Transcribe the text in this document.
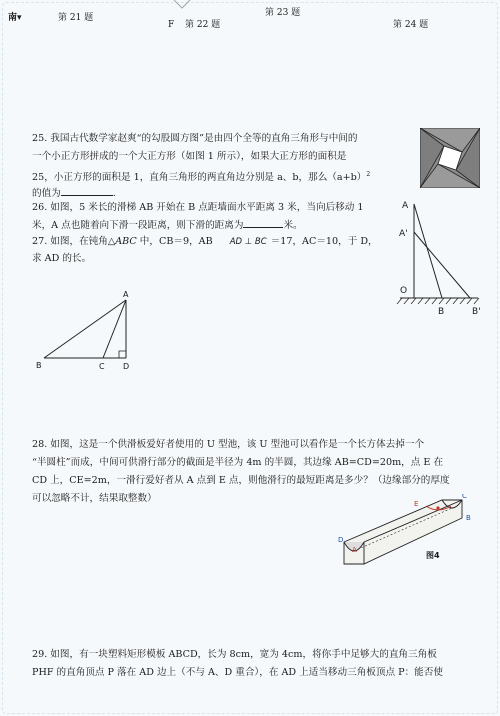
南▾	第 21 题
F 第 22 题
第 23 题
第 24 题
25. 我国古代数学家赵爽“的勾股圆方图”是由四个全等的直角三角形与中间的
一个小正方形拼成的一个大正方形（如图 1 所示），如果大正方形的面积是
25，小正方形的面积是 1，直角三角形的两直角边分别是 a、b，那么$(a+b)^2$
的值为	.
26. 如图，5 米长的滑梯 AB 开始在 B 点距墙面水平距离 3 米，当向后移动 1
米，A 点也随着向下滑一段距离，则下滑的距离为	米。
27. 如图，在钝角△ABC 中，CB＝9，AB AD ⊥ BC ＝17，AC＝10，于 D，
求 AD 的长。
A
A'
O
B	B'
A
B	C D
28. 如图，这是一个供滑板爱好者使用的 U 型池，该 U 型池可以看作是一个长方体去掉一个
“半圆柱”而成，中间可供滑行部分的截面是半径为 4m 的半圆，其边缘 AB=CD=20m，点 E 在
CD 上，CE=2m，一滑行爱好者从 A 点到 E 点，则他滑行的最短距离是多少？（边缘部分的厚度
可以忽略不计，结果取整数）	E
C
D
A
B
图4
29. 如图，有一块塑料矩形模板 ABCD，长为 8cm，宽为 4cm，将你手中足够大的直角三角板
PHF 的直角顶点 P 落在 AD 边上（不与 A、D 重合），在 AD 上适当移动三角板顶点 P：能否使
